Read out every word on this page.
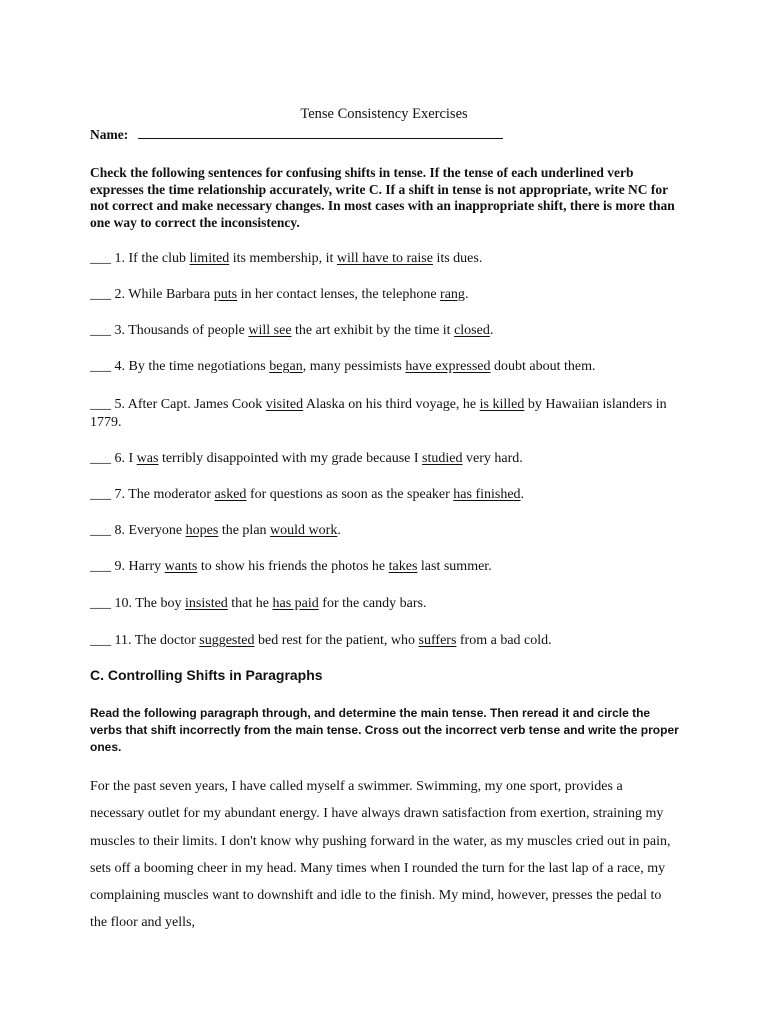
Tense Consistency Exercises
Name:
Check the following sentences for confusing shifts in tense. If the tense of each underlined verb expresses the time relationship accurately, write C. If a shift in tense is not appropriate, write NC for not correct and make necessary changes. In most cases with an inappropriate shift, there is more than one way to correct the inconsistency.
___ 1. If the club limited its membership, it will have to raise its dues.
___ 2. While Barbara puts in her contact lenses, the telephone rang.
___ 3. Thousands of people will see the art exhibit by the time it closed.
___ 4. By the time negotiations began, many pessimists have expressed doubt about them.
___ 5. After Capt. James Cook visited Alaska on his third voyage, he is killed by Hawaiian islanders in 1779.
___ 6. I was terribly disappointed with my grade because I studied very hard.
___ 7. The moderator asked for questions as soon as the speaker has finished.
___ 8. Everyone hopes the plan would work.
___ 9. Harry wants to show his friends the photos he takes last summer.
___ 10. The boy insisted that he has paid for the candy bars.
___ 11. The doctor suggested bed rest for the patient, who suffers from a bad cold.
C. Controlling Shifts in Paragraphs
Read the following paragraph through, and determine the main tense. Then reread it and circle the verbs that shift incorrectly from the main tense. Cross out the incorrect verb tense and write the proper ones.
For the past seven years, I have called myself a swimmer. Swimming, my one sport, provides a necessary outlet for my abundant energy. I have always drawn satisfaction from exertion, straining my muscles to their limits. I don't know why pushing forward in the water, as my muscles cried out in pain, sets off a booming cheer in my head. Many times when I rounded the turn for the last lap of a race, my complaining muscles want to downshift and idle to the finish. My mind, however, presses the pedal to the floor and yells,
